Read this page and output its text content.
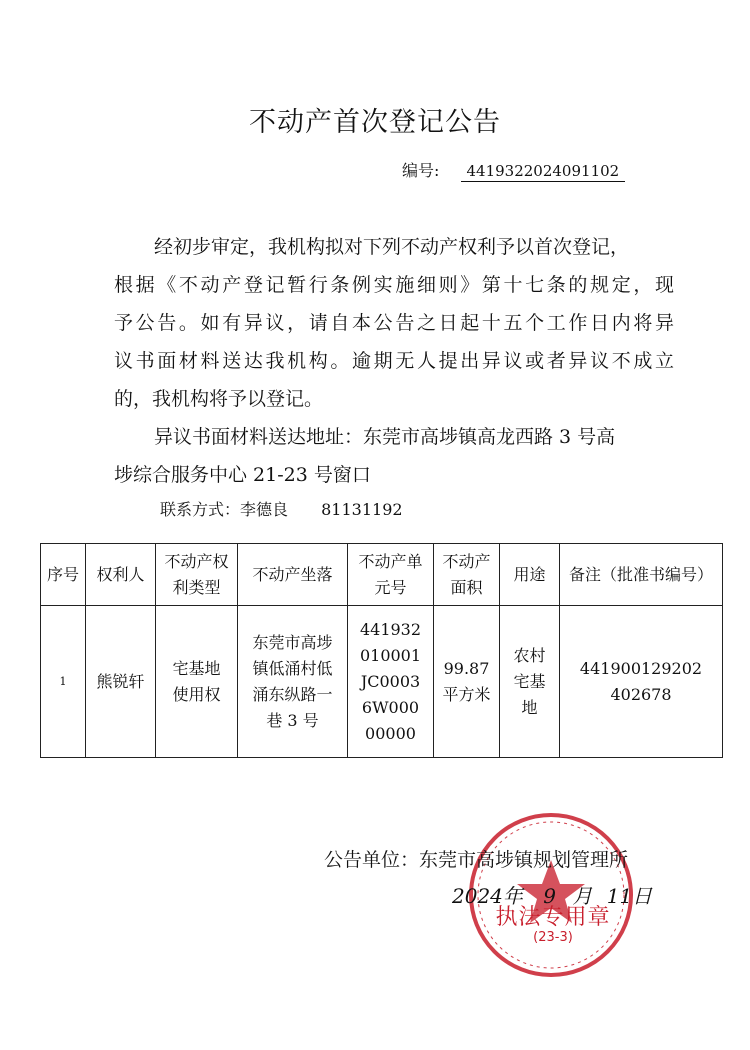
不动产首次登记公告
编号: 4419322024091102
经初步审定，我机构拟对下列不动产权利予以首次登记，
根据《不动产登记暂行条例实施细则》第十七条的规定，现
予公告。如有异议，请自本公告之日起十五个工作日内将异
议书面材料送达我机构。逾期无人提出异议或者异议不成立
的，我机构将予以登记。
异议书面材料送达地址：东莞市高埗镇高龙西路 3 号高
埗综合服务中心 21-23 号窗口
联系方式：李德良 81131192
序号	权利人	不动产权利类型	不动产坐落	不动产单元号	不动产面积	用途	备注（批准书编号）
1	熊锐轩	宅基地使用权	东莞市高埗镇低涌村低涌东纵路一巷 3 号	441932010001JC00036W00000000	99.87平方米	农村宅基地	441900129202402678
执法专用章
(23-3)
公告单位：东莞市高埗镇规划管理所
2024年 9 月 11日
